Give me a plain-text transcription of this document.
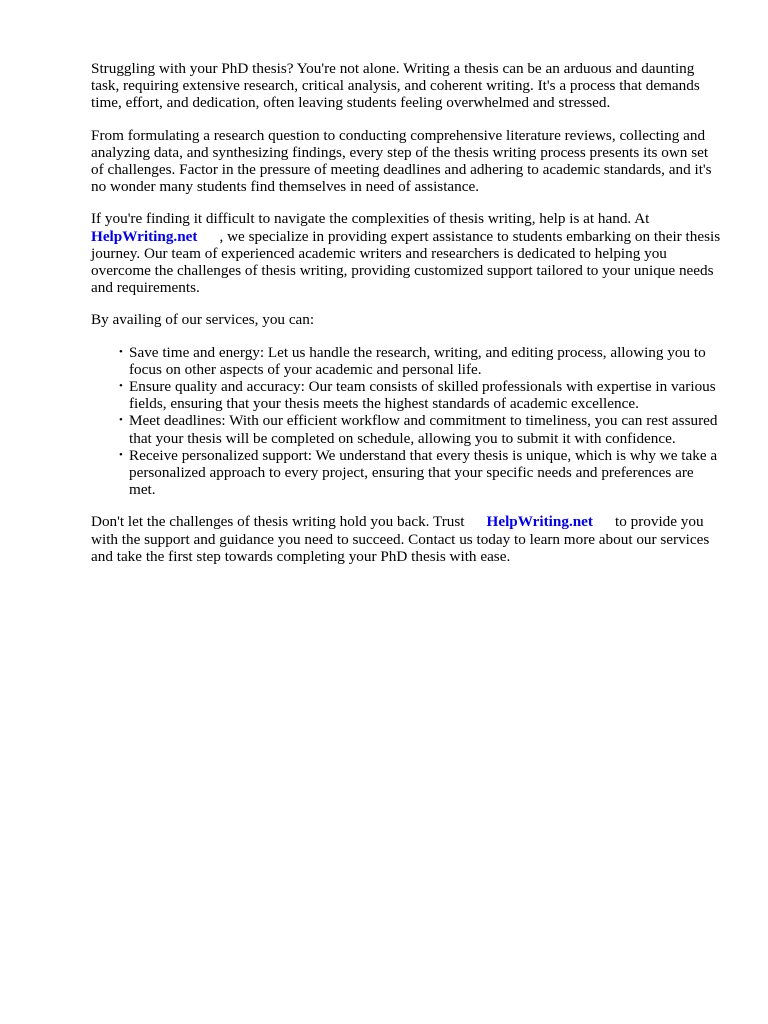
Struggling with your PhD thesis? You're not alone. Writing a thesis can be an arduous and daunting task, requiring extensive research, critical analysis, and coherent writing. It's a process that demands time, effort, and dedication, often leaving students feeling overwhelmed and stressed.

From formulating a research question to conducting comprehensive literature reviews, collecting and analyzing data, and synthesizing findings, every step of the thesis writing process presents its own set of challenges. Factor in the pressure of meeting deadlines and adhering to academic standards, and it's no wonder many students find themselves in need of assistance.

If you're finding it difficult to navigate the complexities of thesis writing, help is at hand. At
HelpWriting.net , we specialize in providing expert assistance to students embarking on their thesis journey. Our team of experienced academic writers and researchers is dedicated to helping you overcome the challenges of thesis writing, providing customized support tailored to your unique needs and requirements.

By availing of our services, you can:

• Save time and energy: Let us handle the research, writing, and editing process, allowing you to focus on other aspects of your academic and personal life.
• Ensure quality and accuracy: Our team consists of skilled professionals with expertise in various fields, ensuring that your thesis meets the highest standards of academic excellence.
• Meet deadlines: With our efficient workflow and commitment to timeliness, you can rest assured that your thesis will be completed on schedule, allowing you to submit it with confidence.
• Receive personalized support: We understand that every thesis is unique, which is why we take a personalized approach to every project, ensuring that your specific needs and preferences are met.

Don't let the challenges of thesis writing hold you back. Trust HelpWriting.net to provide you with the support and guidance you need to succeed. Contact us today to learn more about our services and take the first step towards completing your PhD thesis with ease.
